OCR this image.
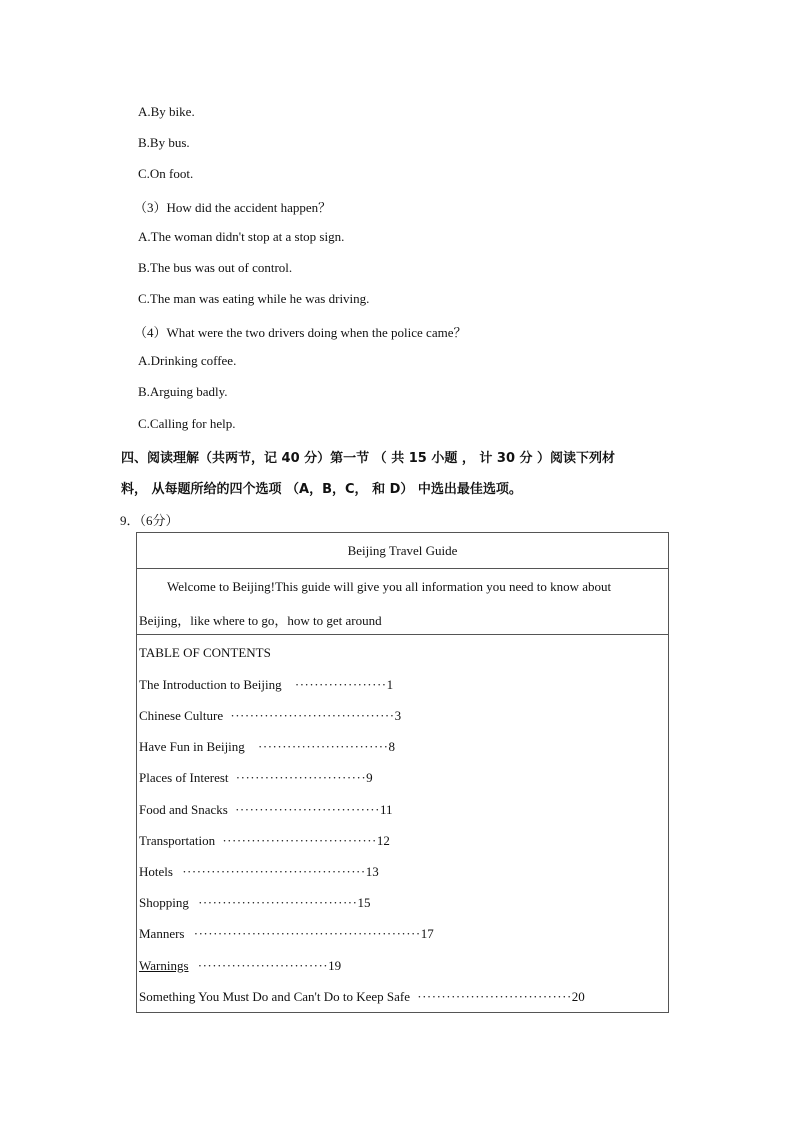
A.By bike.
B.By bus.
C.On foot.
（3）How did the accident happen？
A.The woman didn't stop at a stop sign.
B.The bus was out of control.
C.The man was eating while he was driving.
（4）What were the two drivers doing when the police came？
A.Drinking coffee.
B.Arguing badly.
C.Calling for help.
四、阅读理解（共两节，记 40 分）第一节 （ 共 15 小题 ， 计 30 分 ）阅读下列材
料， 从每题所给的四个选项 （A，B，C， 和 D） 中选出最佳选项。
9．（6分）
Beijing Travel Guide
Welcome to Beijing!This guide will give you all information you need to know about
Beijing，like where to go，how to get around
TABLE OF CONTENTS
The Introduction to Beijing ···················1
Chinese Culture ··································3
Have Fun in Beijing ···························8
Places of Interest ···························9
Food and Snacks ······························11
Transportation ································12
Hotels ······································13
Shopping ·································15
Manners ···············································17
Warnings ···························19
Something You Must Do and Can't Do to Keep Safe ································20
